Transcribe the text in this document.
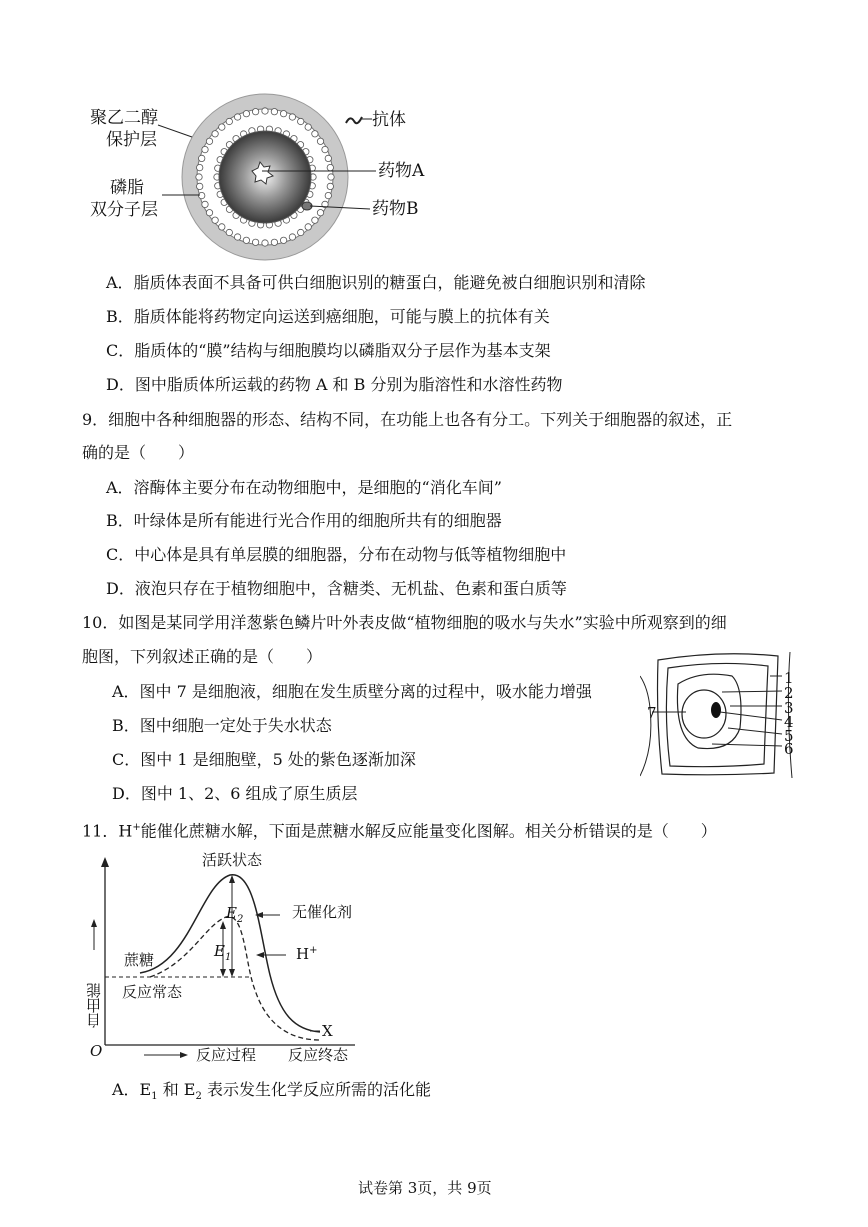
聚乙二醇
保护层
磷脂
双分子层
抗体
药物A
药物B
A．脂质体表面不具备可供白细胞识别的糖蛋白，能避免被白细胞识别和清除
B．脂质体能将药物定向运送到癌细胞，可能与膜上的抗体有关
C．脂质体的“膜”结构与细胞膜均以磷脂双分子层作为基本支架
D．图中脂质体所运载的药物 A 和 B 分别为脂溶性和水溶性药物
9．细胞中各种细胞器的形态、结构不同，在功能上也各有分工。下列关于细胞器的叙述，正
确的是（　　）
A．溶酶体主要分布在动物细胞中，是细胞的“消化车间”
B．叶绿体是所有能进行光合作用的细胞所共有的细胞器
C．中心体是具有单层膜的细胞器，分布在动物与低等植物细胞中
D．液泡只存在于植物细胞中，含糖类、无机盐、色素和蛋白质等
10．如图是某同学用洋葱紫色鳞片叶外表皮做“植物细胞的吸水与失水”实验中所观察到的细
胞图，下列叙述正确的是（　　）
A．图中 7 是细胞液，细胞在发生质壁分离的过程中，吸水能力增强
B．图中细胞一定处于失水状态
C．图中 1 是细胞壁，5 处的紫色逐渐加深
D．图中 1、2、6 组成了原生质层
1
2
3
4
5
6
7
11．H+能催化蔗糖水解，下面是蔗糖水解反应能量变化图解。相关分析错误的是（　　）
活跃状态
无催化剂
H+
$E_2$
$E_1$
蔗糖
反应常态
自由能
O	反应过程 反应终态
X
A．$E_1$ 和 $E_2$ 表示发生化学反应所需的活化能
试卷第 3页，共 9页
